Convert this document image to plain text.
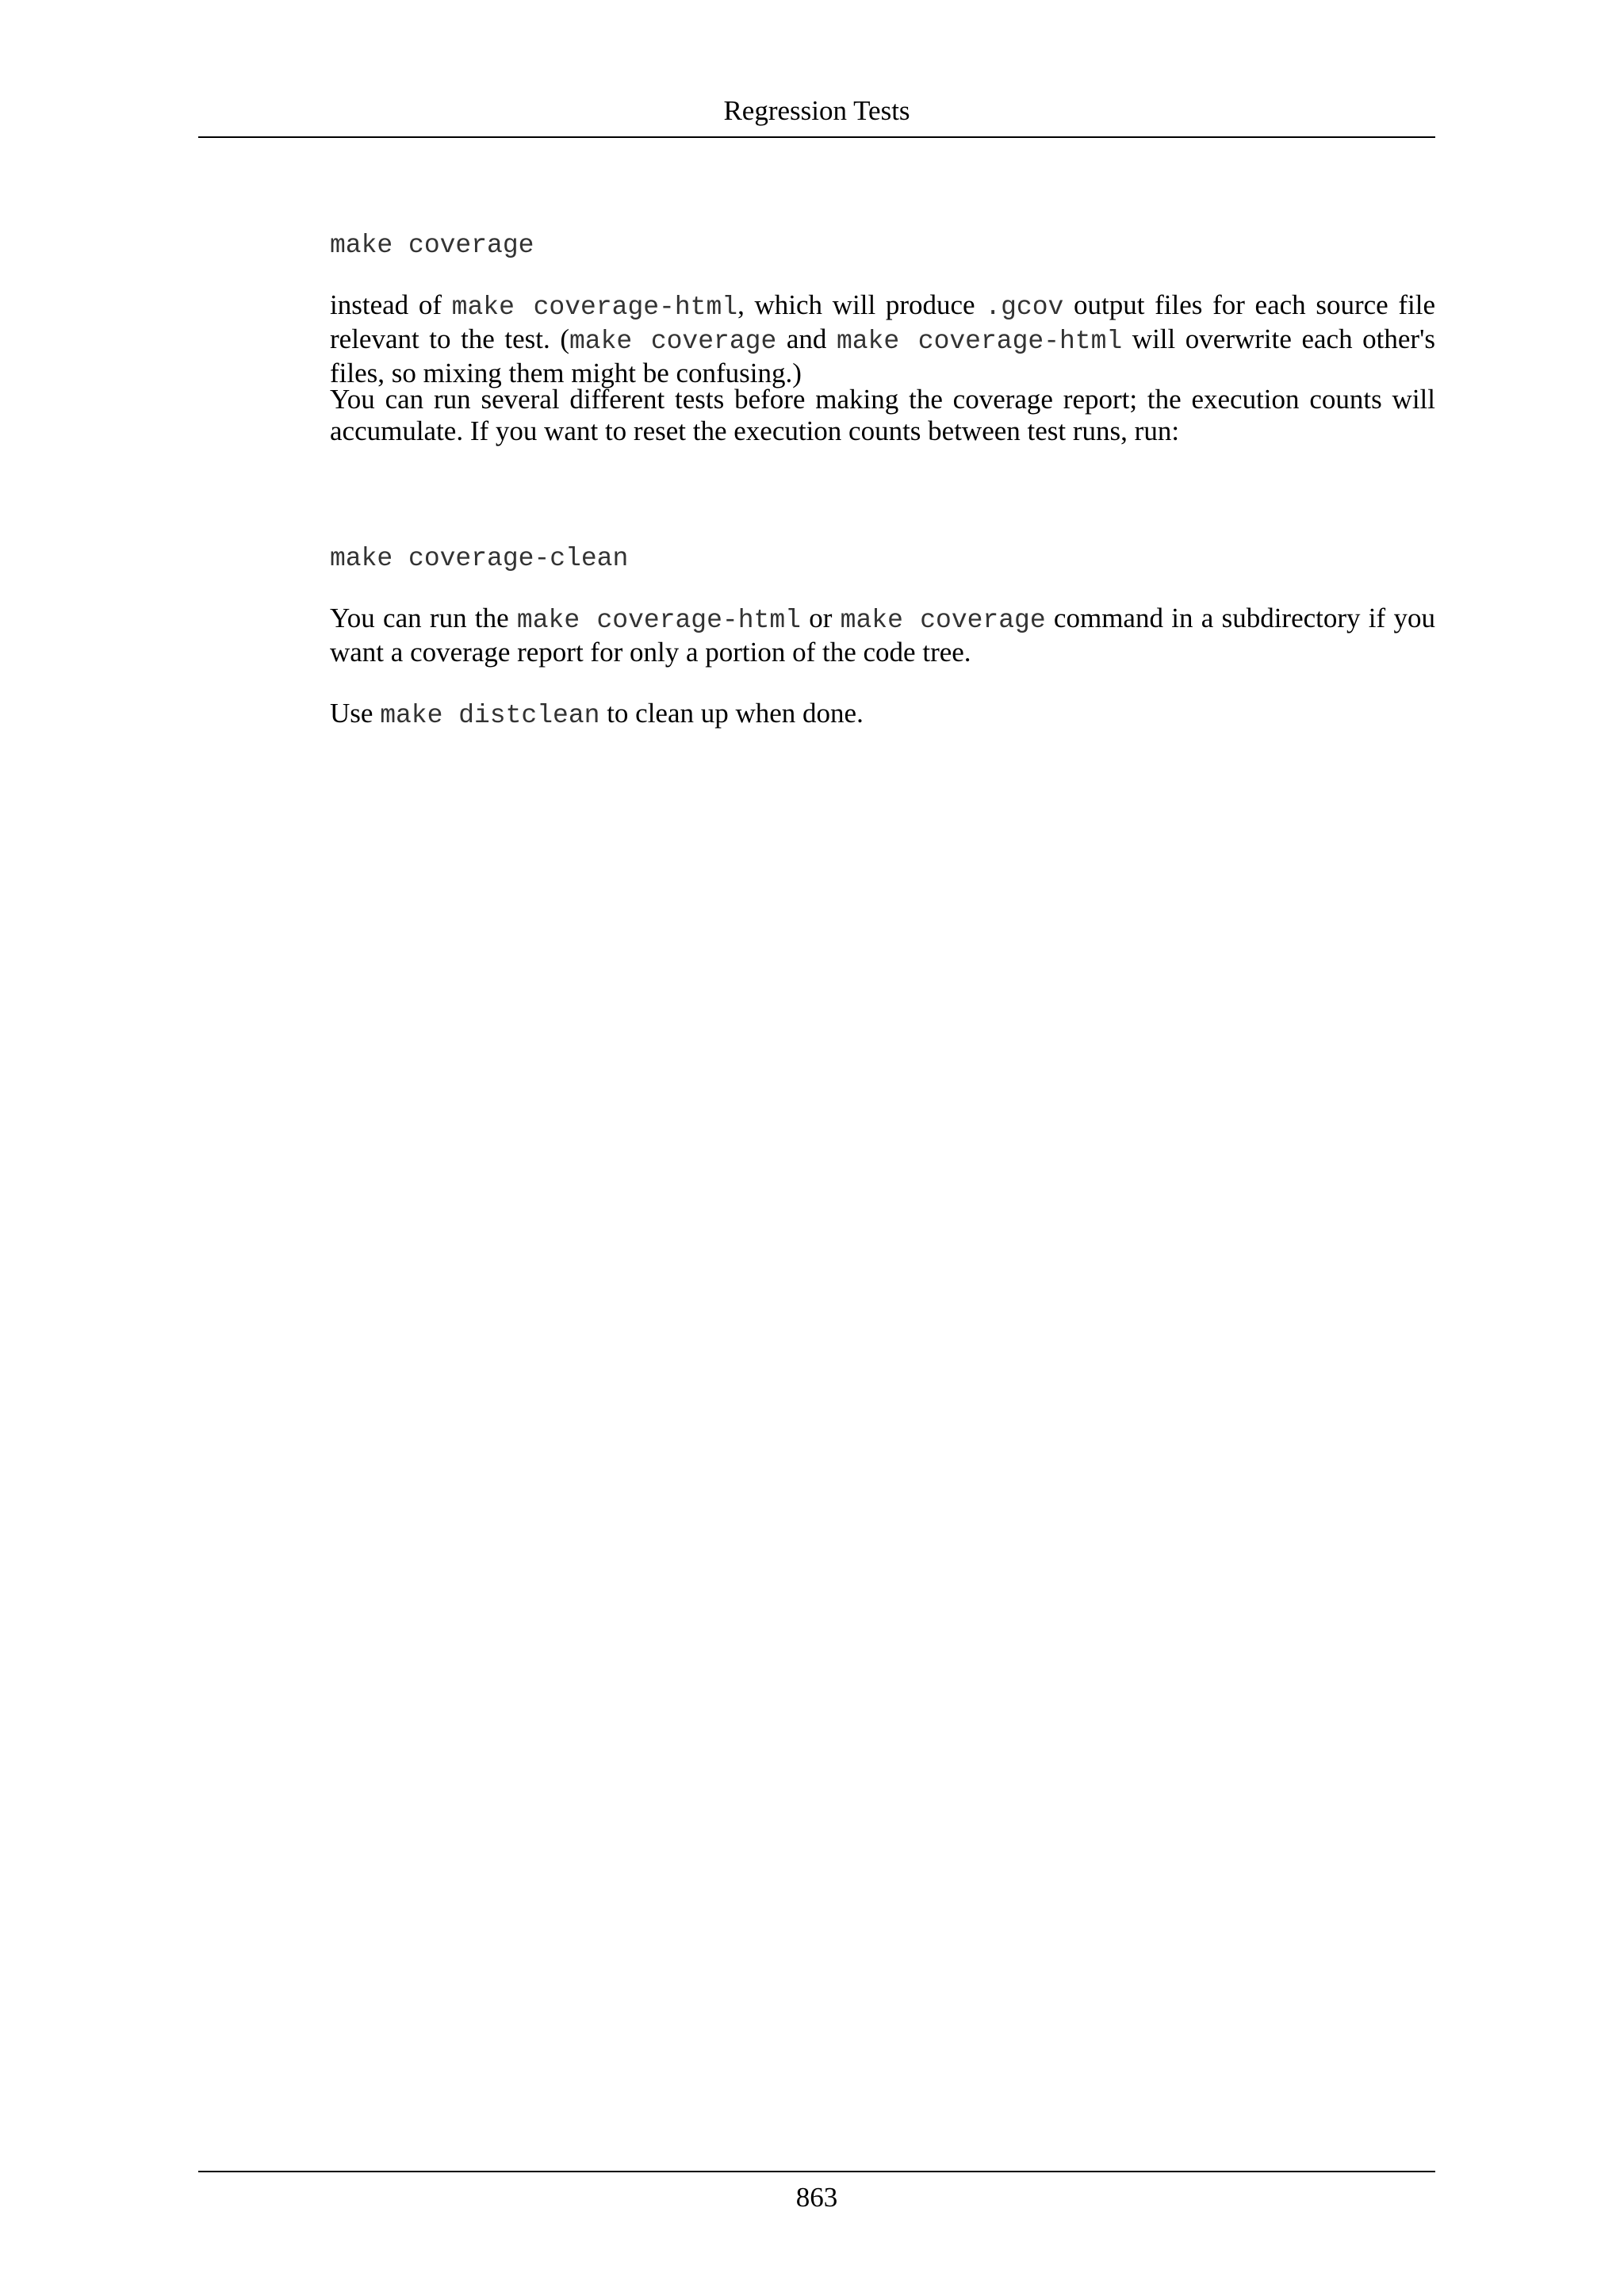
Regression Tests
make coverage

instead of make coverage-html, which will produce .gcov output files for each source file relevant to the test. (make coverage and make coverage-html will overwrite each other's files, so mixing them might be confusing.)

You can run several different tests before making the coverage report; the execution counts will accumulate. If you want to reset the execution counts between test runs, run:

make coverage-clean

You can run the make coverage-html or make coverage command in a subdirectory if you want a coverage report for only a portion of the code tree.

Use make distclean to clean up when done.

863
